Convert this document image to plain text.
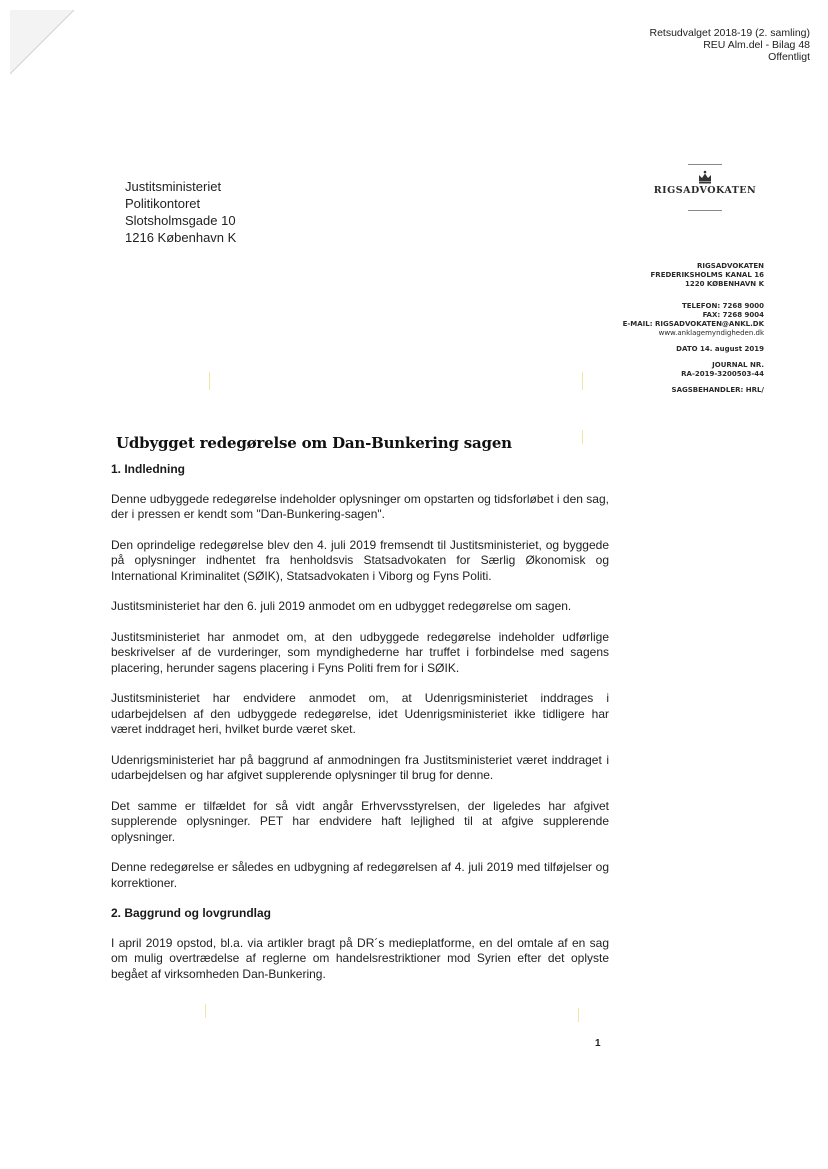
Retsudvalget 2018-19 (2. samling)
REU Alm.del - Bilag 48
Offentligt
Justitsministeriet
Politikontoret
Slotsholmsgade 10
1216 København K
RIGSADVOKATEN
RIGSADVOKATEN
FREDERIKSHOLMS KANAL 16
1220 KØBENHAVN K
TELEFON: 7268 9000
FAX: 7268 9004
E-MAIL: RIGSADVOKATEN@ANKL.DK
www.anklagemyndigheden.dk
DATO 14. august 2019
JOURNAL NR.
RA-2019-3200503-44
SAGSBEHANDLER: HRL/
Udbygget redegørelse om Dan-Bunkering sagen
1. Indledning

Denne udbyggede redegørelse indeholder oplysninger om opstarten og tidsforløbet i den sag, der i pressen er kendt som "Dan-Bunkering-sagen".

Den oprindelige redegørelse blev den 4. juli 2019 fremsendt til Justitsministeriet, og byggede på oplysninger indhentet fra henholdsvis Statsadvokaten for Særlig Økonomisk og International Kriminalitet (SØIK), Statsadvokaten i Viborg og Fyns Politi.

Justitsministeriet har den 6. juli 2019 anmodet om en udbygget redegørelse om sagen.

Justitsministeriet har anmodet om, at den udbyggede redegørelse indeholder udførlige beskrivelser af de vurderinger, som myndighederne har truffet i forbindelse med sagens placering, herunder sagens placering i Fyns Politi frem for i SØIK.

Justitsministeriet har endvidere anmodet om, at Udenrigsministeriet inddrages i udarbejdelsen af den udbyggede redegørelse, idet Udenrigsministeriet ikke tidligere har været inddraget heri, hvilket burde været sket.

Udenrigsministeriet har på baggrund af anmodningen fra Justitsministeriet været inddraget i udarbejdelsen og har afgivet supplerende oplysninger til brug for denne.

Det samme er tilfældet for så vidt angår Erhvervsstyrelsen, der ligeledes har afgivet supplerende oplysninger. PET har endvidere haft lejlighed til at afgive supplerende oplysninger.

Denne redegørelse er således en udbygning af redegørelsen af 4. juli 2019 med tilføjelser og korrektioner.

2. Baggrund og lovgrundlag

I april 2019 opstod, bl.a. via artikler bragt på DR´s medieplatforme, en del omtale af en sag om mulig overtrædelse af reglerne om handelsrestriktioner mod Syrien efter det oplyste begået af virksomheden Dan-Bunkering.

1
